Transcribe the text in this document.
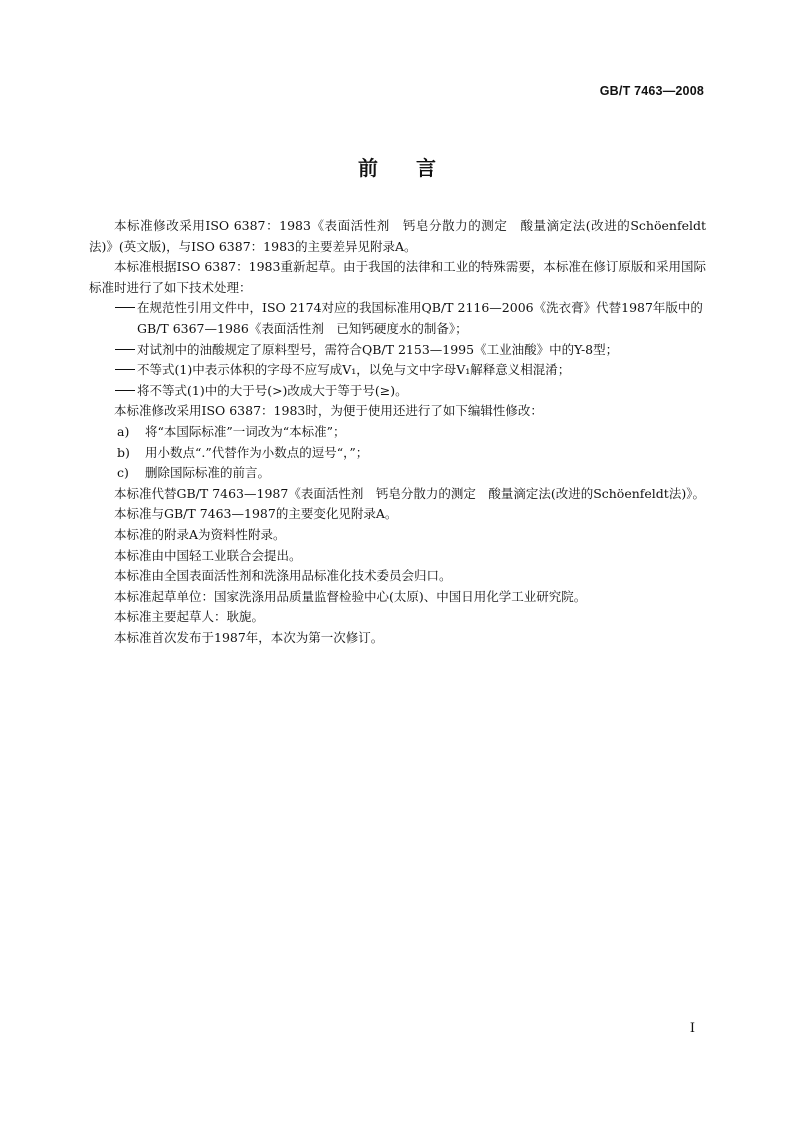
GB/T 7463—2008
前言

本标准修改采用ISO 6387：1983《表面活性剂　钙皂分散力的测定　酸量滴定法(改进的Schöenfeldt法)》(英文版)，与ISO 6387：1983的主要差异见附录A。

本标准根据ISO 6387：1983重新起草。由于我国的法律和工业的特殊需要，本标准在修订原版和采用国际标准时进行了如下技术处理：

在规范性引用文件中，ISO 2174对应的我国标准用QB/T 2116—2006《洗衣膏》代替1987年版中的GB/T 6367—1986《表面活性剂　已知钙硬度水的制备》；

对试剂中的油酸规定了原料型号，需符合QB/T 2153—1995《工业油酸》中的Y-8型；

不等式(1)中表示体积的字母不应写成V₁，以免与文中字母V₁解释意义相混淆；

将不等式(1)中的大于号(>)改成大于等于号(≥)。

本标准修改采用ISO 6387：1983时，为便于使用还进行了如下编辑性修改：

a) 将“本国际标准”一词改为“本标准”；

b) 用小数点“.”代替作为小数点的逗号“，”；

c) 删除国际标准的前言。

本标准代替GB/T 7463—1987《表面活性剂　钙皂分散力的测定　酸量滴定法(改进的Schöenfeldt法)》。

本标准与GB/T 7463—1987的主要变化见附录A。

本标准的附录A为资料性附录。

本标准由中国轻工业联合会提出。

本标准由全国表面活性剂和洗涤用品标准化技术委员会归口。

本标准起草单位：国家洗涤用品质量监督检验中心(太原)、中国日用化学工业研究院。

本标准主要起草人：耿旎。

本标准首次发布于1987年，本次为第一次修订。

I
